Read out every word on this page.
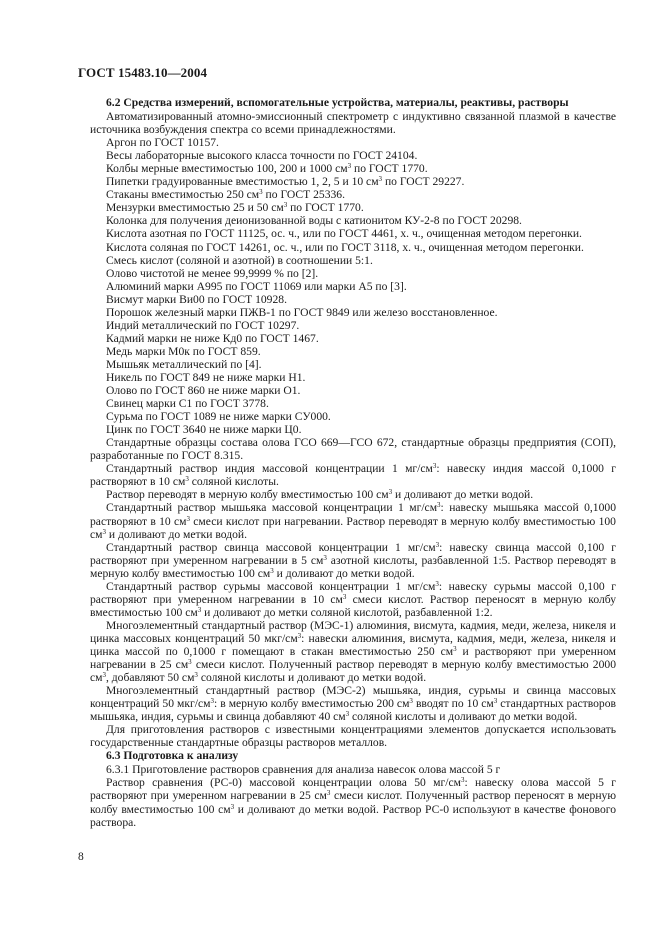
ГОСТ 15483.10—2004

6.2 Средства измерений, вспомогательные устройства, материалы, реактивы, растворы

Автоматизированный атомно-эмиссионный спектрометр с индуктивно связанной плазмой в качестве источника возбуждения спектра со всеми принадлежностями.

Аргон по ГОСТ 10157.

Весы лабораторные высокого класса точности по ГОСТ 24104.

Колбы мерные вместимостью 100, 200 и 1000 $см^3$ по ГОСТ 1770.

Пипетки градуированные вместимостью 1, 2, 5 и 10 $см^3$ по ГОСТ 29227.

Стаканы вместимостью 250 $см^3$ по ГОСТ 25336.

Мензурки вместимостью 25 и 50 $см^3$ по ГОСТ 1770.

Колонка для получения деионизованной воды с катионитом КУ-2-8 по ГОСТ 20298.

Кислота азотная по ГОСТ 11125, ос. ч., или по ГОСТ 4461, х. ч., очищенная методом перегонки.

Кислота соляная по ГОСТ 14261, ос. ч., или по ГОСТ 3118, х. ч., очищенная методом перегонки.

Смесь кислот (соляной и азотной) в соотношении 5:1.

Олово чистотой не менее 99,9999 % по [2].

Алюминий марки А995 по ГОСТ 11069 или марки А5 по [3].

Висмут марки Ви00 по ГОСТ 10928.

Порошок железный марки ПЖВ-1 по ГОСТ 9849 или железо восстановленное.

Индий металлический по ГОСТ 10297.

Кадмий марки не ниже Кд0 по ГОСТ 1467.

Медь марки М0к по ГОСТ 859.

Мышьяк металлический по [4].

Никель по ГОСТ 849 не ниже марки Н1.

Олово по ГОСТ 860 не ниже марки О1.

Свинец марки С1 по ГОСТ 3778.

Сурьма по ГОСТ 1089 не ниже марки СУ000.

Цинк по ГОСТ 3640 не ниже марки Ц0.

Стандартные образцы состава олова ГСО 669—ГСО 672, стандартные образцы предприятия (СОП), разработанные по ГОСТ 8.315.

Стандартный раствор индия массовой концентрации 1 $мг/см^3$: навеску индия массой 0,1000 г растворяют в 10 $см^3$ соляной кислоты.

Раствор переводят в мерную колбу вместимостью 100 $см^3$ и доливают до метки водой.

Стандартный раствор мышьяка массовой концентрации 1 $мг/см^3$: навеску мышьяка массой 0,1000 растворяют в 10 $см^3$ смеси кислот при нагревании. Раствор переводят в мерную колбу вместимостью 100 $см^3$ и доливают до метки водой.

Стандартный раствор свинца массовой концентрации 1 $мг/см^3$: навеску свинца массой 0,100 г растворяют при умеренном нагревании в 5 $см^3$ азотной кислоты, разбавленной 1:5. Раствор переводят в мерную колбу вместимостью 100 $см^3$ и доливают до метки водой.

Стандартный раствор сурьмы массовой концентрации 1 $мг/см^3$: навеску сурьмы массой 0,100 г растворяют при умеренном нагревании в 10 $см^3$ смеси кислот. Раствор переносят в мерную колбу вместимостью 100 $см^3$ и доливают до метки соляной кислотой, разбавленной 1:2.

Многоэлементный стандартный раствор (МЭС-1) алюминия, висмута, кадмия, меди, железа, никеля и цинка массовых концентраций 50 мкг/$см^3$: навески алюминия, висмута, кадмия, меди, железа, никеля и цинка массой по 0,1000 г помещают в стакан вместимостью 250 $см^3$ и растворяют при умеренном нагревании в 25 $см^3$ смеси кислот. Полученный раствор переводят в мерную колбу вместимостью 2000 $см^3$, добавляют 50 $см^3$ соляной кислоты и доливают до метки водой.

Многоэлементный стандартный раствор (МЭС-2) мышьяка, индия, сурьмы и свинца массовых концентраций 50 мкг/$см^3$: в мерную колбу вместимостью 200 $см^3$ вводят по 10 $см^3$ стандартных растворов мышьяка, индия, сурьмы и свинца добавляют 40 $см^3$ соляной кислоты и доливают до метки водой.

Для приготовления растворов с известными концентрациями элементов допускается использовать государственные стандартные образцы растворов металлов.

6.3 Подготовка к анализу

6.3.1 Приготовление растворов сравнения для анализа навесок олова массой 5 г

Раствор сравнения (РС-0) массовой концентрации олова 50 $мг/см^3$: навеску олова массой 5 г растворяют при умеренном нагревании в 25 $см^3$ смеси кислот. Полученный раствор переносят в мерную колбу вместимостью 100 $см^3$ и доливают до метки водой. Раствор РС-0 используют в качестве фонового раствора.

8
